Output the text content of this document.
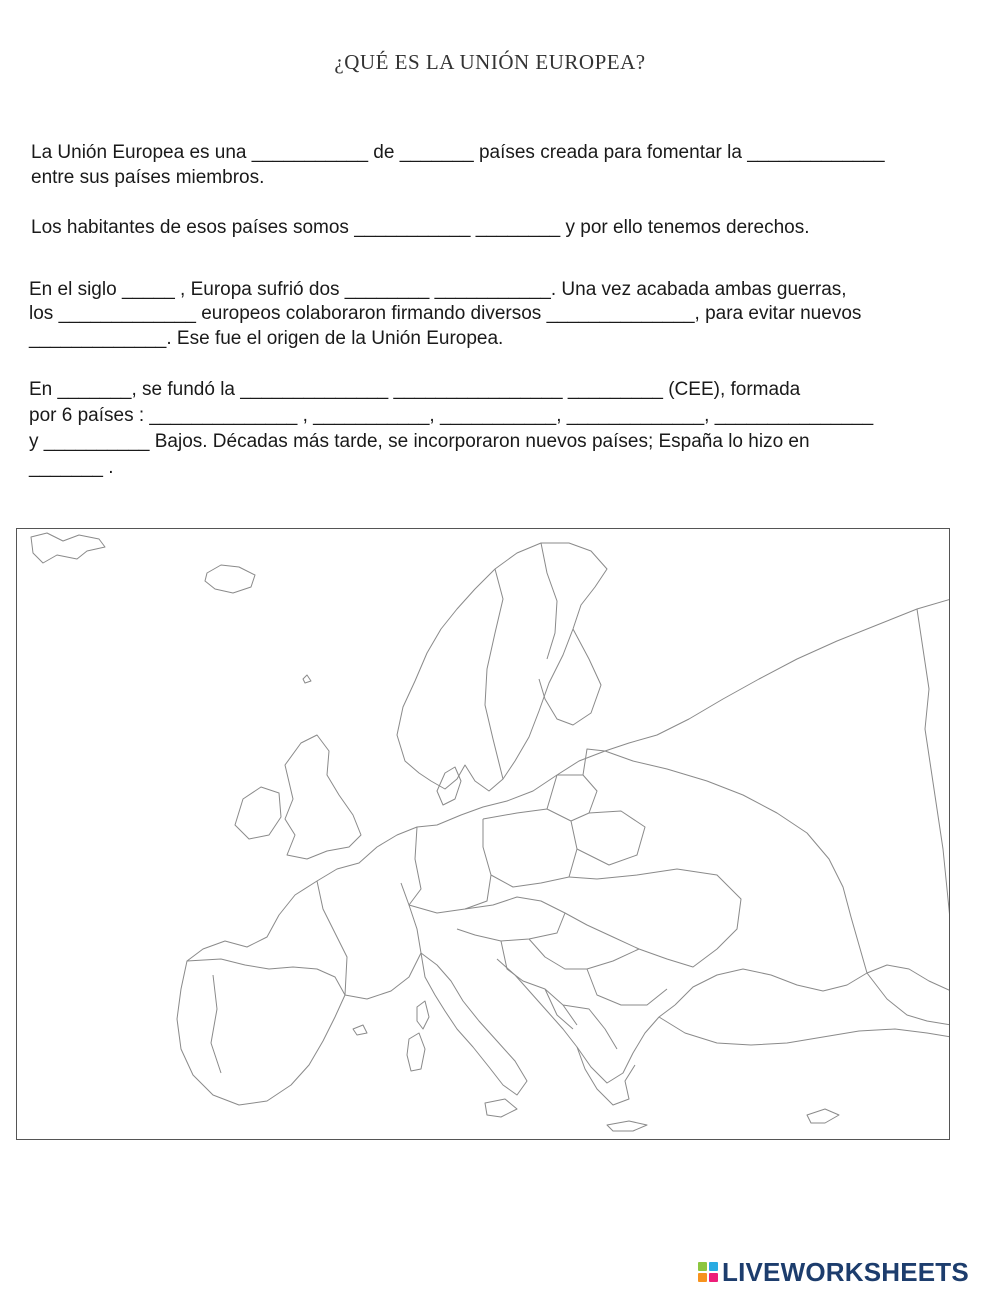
¿QUÉ ES LA UNIÓN EUROPEA?
La Unión Europea es una ___________ de _______ países creada para fomentar la _____________
entre sus países miembros.
Los habitantes de esos países somos ___________ ________ y por ello tenemos derechos.
En el siglo _____ , Europa sufrió dos ________ ___________. Una vez acabada ambas guerras,
los _____________ europeos colaboraron firmando diversos ______________, para evitar nuevos
_____________. Ese fue el origen de la Unión Europea.
En _______, se fundó la ______________ ________________ _________ (CEE), formada
por 6 países : ______________ , ___________, ___________, _____________, _______________
y __________ Bajos. Décadas más tarde, se incorporaron nuevos países; España lo hizo en
_______ .
LIVEWORKSHEETS
